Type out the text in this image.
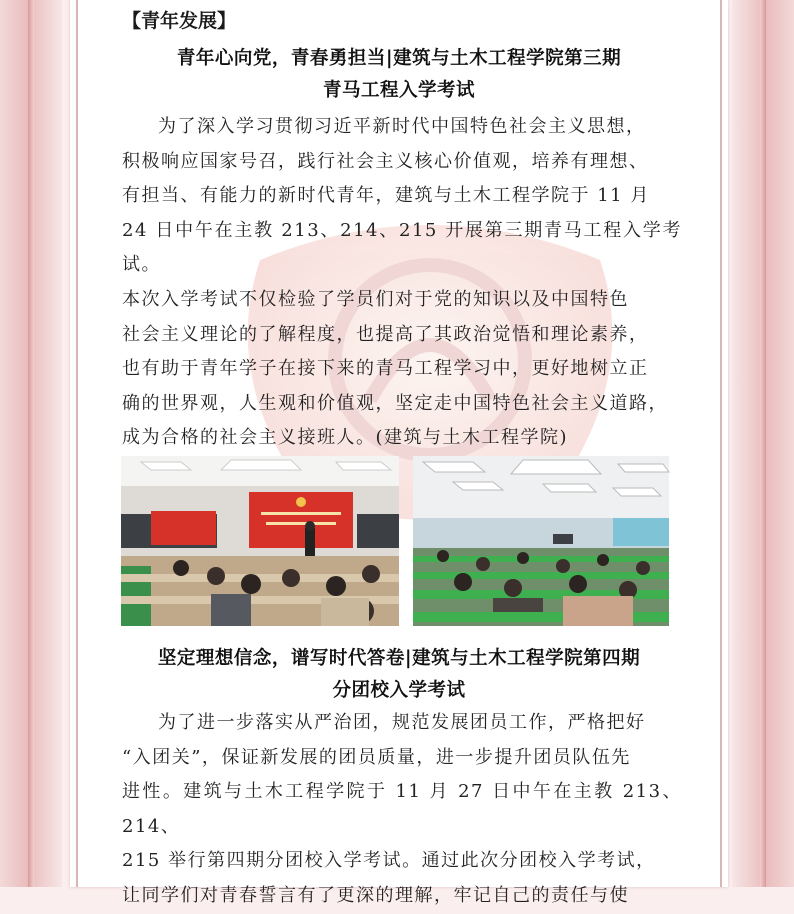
【青年发展】
青年心向党，青春勇担当|建筑与土木工程学院第三期
青马工程入学考试

为了深入学习贯彻习近平新时代中国特色社会主义思想，

积极响应国家号召，践行社会主义核心价值观，培养有理想、

有担当、有能力的新时代青年，建筑与土木工程学院于 11 月

24 日中午在主教 213、214、215 开展第三期青马工程入学考试。

本次入学考试不仅检验了学员们对于党的知识以及中国特色

社会主义理论的了解程度，也提高了其政治觉悟和理论素养，

也有助于青年学子在接下来的青马工程学习中，更好地树立正

确的世界观，人生观和价值观，坚定走中国特色社会主义道路，

成为合格的社会主义接班人。(建筑与土木工程学院)

坚定理想信念，谱写时代答卷|建筑与土木工程学院第四期
分团校入学考试

为了进一步落实从严治团，规范发展团员工作，严格把好

“入团关”，保证新发展的团员质量，进一步提升团员队伍先

进性。建筑与土木工程学院于 11 月 27 日中午在主教 213、214、

215 举行第四期分团校入学考试。通过此次分团校入学考试，

让同学们对青春誓言有了更深的理解，牢记自己的责任与使
